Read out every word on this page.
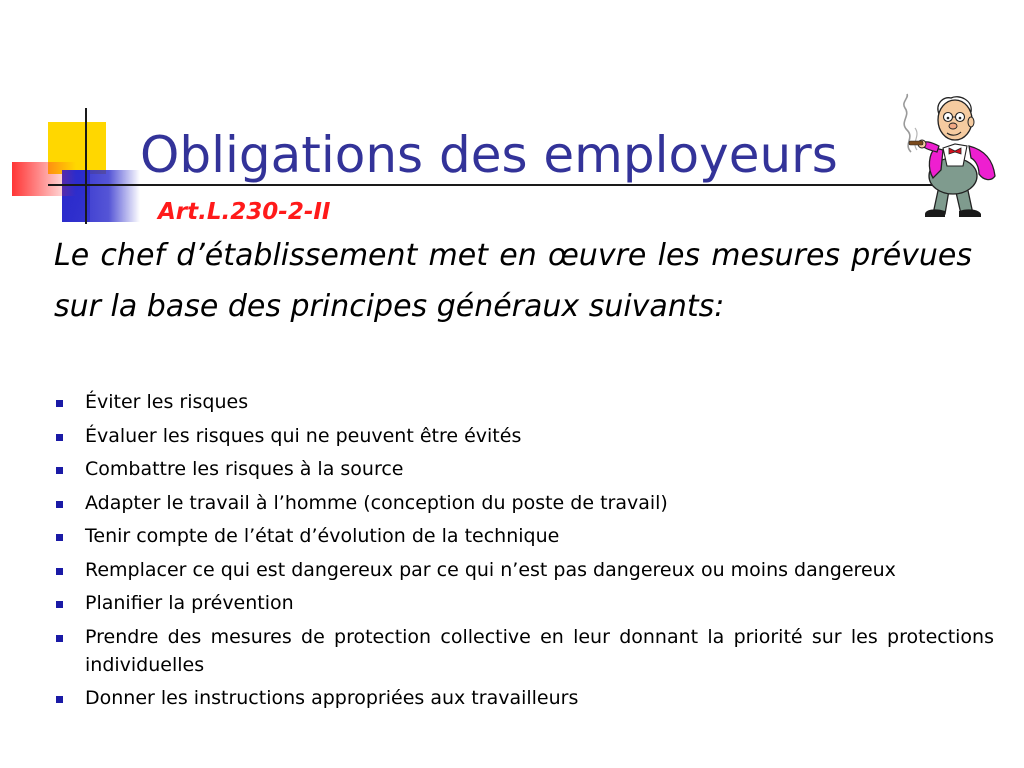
Obligations des employeurs
Art.L.230-2-II

Le chef d’établissement met en œuvre les mesures prévues sur la base des principes généraux suivants:

Éviter les risques
Évaluer les risques qui ne peuvent être évités
Combattre les risques à la source
Adapter le travail à l’homme (conception du poste de travail)
Tenir compte de l’état d’évolution de la technique
Remplacer ce qui est dangereux par ce qui n’est pas dangereux ou moins dangereux
Planifier la prévention
Prendre des mesures de protection collective en leur donnant la priorité sur les protections individuelles
Donner les instructions appropriées aux travailleurs
